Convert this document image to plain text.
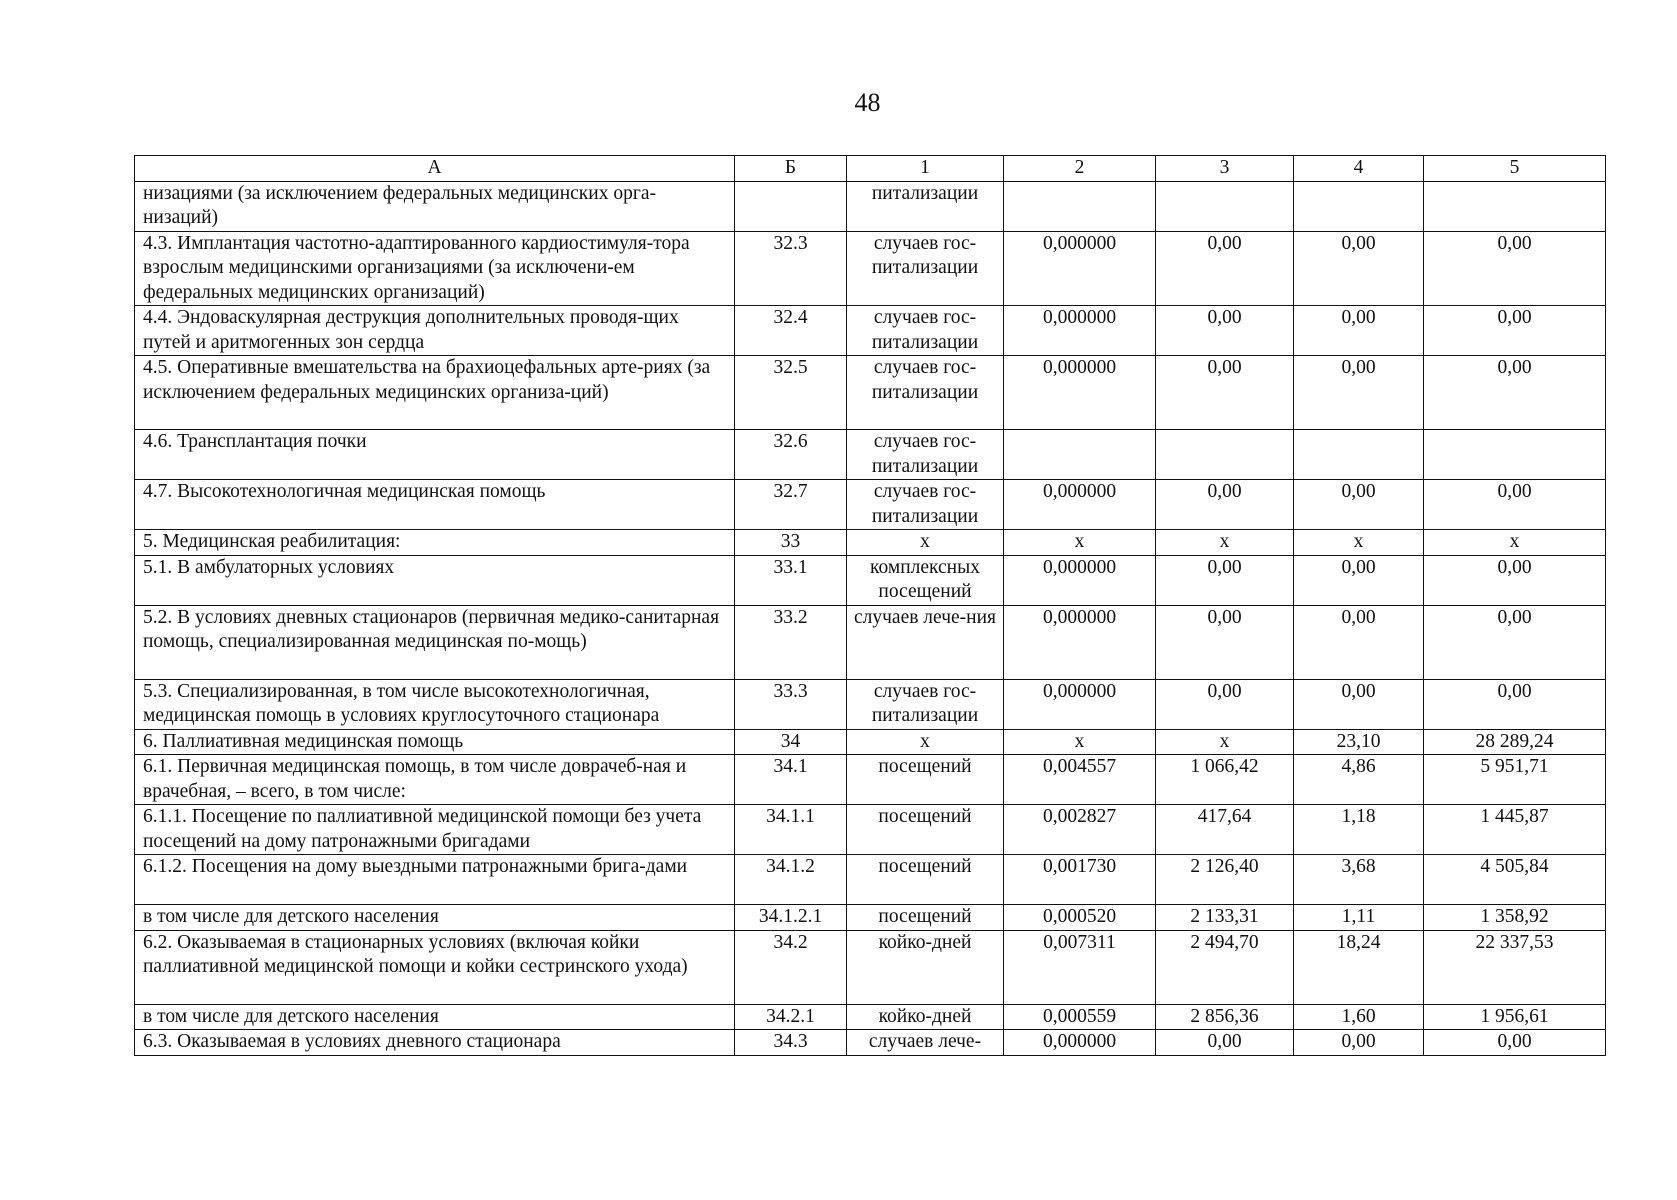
48
А	Б	1	2	3	4	5
низациями (за исключением федеральных медицинских орга-низаций)		питализации				
4.3. Имплантация частотно-адаптированного кардиостимуля-тора взрослым медицинскими организациями (за исключени-ем федеральных медицинских организаций)	32.3	случаев гос-питализации	0,000000	0,00	0,00	0,00
4.4. Эндоваскулярная деструкция дополнительных проводя-щих путей и аритмогенных зон сердца	32.4	случаев гос-питализации	0,000000	0,00	0,00	0,00
4.5. Оперативные вмешательства на брахиоцефальных арте-риях (за исключением федеральных медицинских организа-ций)	32.5	случаев гос-питализации	0,000000	0,00	0,00	0,00
4.6. Трансплантация почки	32.6	случаев гос-питализации				
4.7. Высокотехнологичная медицинская помощь	32.7	случаев гос-питализации	0,000000	0,00	0,00	0,00
5. Медицинская реабилитация:	33	х	х	х	х	х
5.1. В амбулаторных условиях	33.1	комплексных посещений	0,000000	0,00	0,00	0,00
5.2. В условиях дневных стационаров (первичная медико-санитарная помощь, специализированная медицинская по-мощь)	33.2	случаев лече-ния	0,000000	0,00	0,00	0,00
5.3. Специализированная, в том числе высокотехнологичная, медицинская помощь в условиях круглосуточного стационара	33.3	случаев гос-питализации	0,000000	0,00	0,00	0,00
6. Паллиативная медицинская помощь	34	х	х	х	23,10	28 289,24
6.1. Первичная медицинская помощь, в том числе доврачеб-ная и врачебная, – всего, в том числе:	34.1	посещений	0,004557	1 066,42	4,86	5 951,71
6.1.1. Посещение по паллиативной медицинской помощи без учета посещений на дому патронажными бригадами	34.1.1	посещений	0,002827	417,64	1,18	1 445,87
6.1.2. Посещения на дому выездными патронажными брига-дами	34.1.2	посещений	0,001730	2 126,40	3,68	4 505,84
в том числе для детского населения	34.1.2.1	посещений	0,000520	2 133,31	1,11	1 358,92
6.2. Оказываемая в стационарных условиях (включая койки паллиативной медицинской помощи и койки сестринского ухода)	34.2	койко-дней	0,007311	2 494,70	18,24	22 337,53
в том числе для детского населения	34.2.1	койко-дней	0,000559	2 856,36	1,60	1 956,61
6.3. Оказываемая в условиях дневного стационара	34.3	случаев лече-	0,000000	0,00	0,00	0,00
